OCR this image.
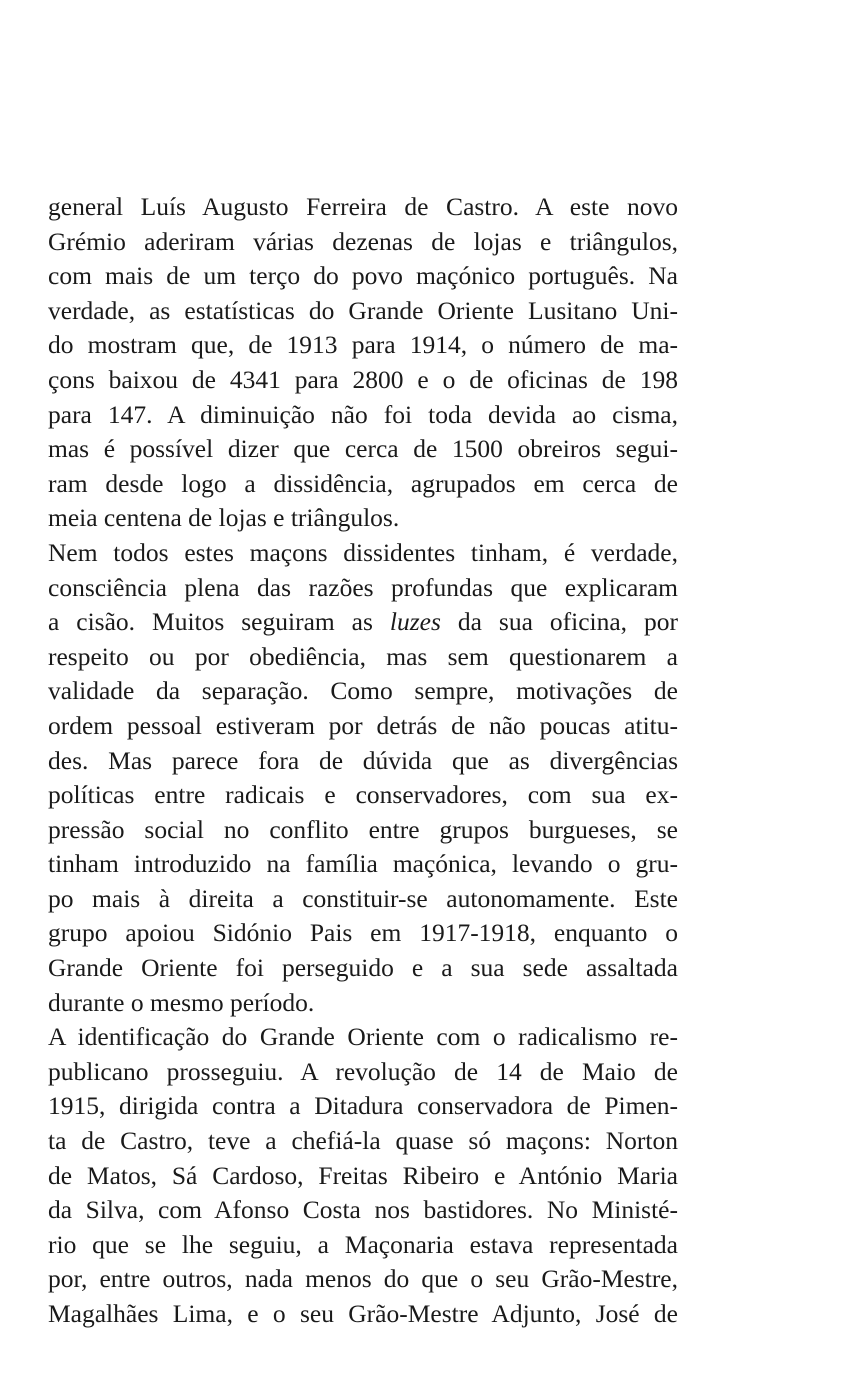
general Luís Augusto Ferreira de Castro. A este novo
Grémio aderiram várias dezenas de lojas e triângulos,
com mais de um terço do povo maçónico português. Na
verdade, as estatísticas do Grande Oriente Lusitano Uni-
do mostram que, de 1913 para 1914, o número de ma-
çons baixou de 4341 para 2800 e o de oficinas de 198
para 147. A diminuição não foi toda devida ao cisma,
mas é possível dizer que cerca de 1500 obreiros segui-
ram desde logo a dissidência, agrupados em cerca de
meia centena de lojas e triângulos.
Nem todos estes maçons dissidentes tinham, é verdade,
consciência plena das razões profundas que explicaram
a cisão. Muitos seguiram as luzes da sua oficina, por
respeito ou por obediência, mas sem questionarem a
validade da separação. Como sempre, motivações de
ordem pessoal estiveram por detrás de não poucas atitu-
des. Mas parece fora de dúvida que as divergências
políticas entre radicais e conservadores, com sua ex-
pressão social no conflito entre grupos burgueses, se
tinham introduzido na família maçónica, levando o gru-
po mais à direita a constituir-se autonomamente. Este
grupo apoiou Sidónio Pais em 1917-1918, enquanto o
Grande Oriente foi perseguido e a sua sede assaltada
durante o mesmo período.
A identificação do Grande Oriente com o radicalismo re-
publicano prosseguiu. A revolução de 14 de Maio de
1915, dirigida contra a Ditadura conservadora de Pimen-
ta de Castro, teve a chefiá-la quase só maçons: Norton
de Matos, Sá Cardoso, Freitas Ribeiro e António Maria
da Silva, com Afonso Costa nos bastidores. No Ministé-
rio que se lhe seguiu, a Maçonaria estava representada
por, entre outros, nada menos do que o seu Grão-Mestre,
Magalhães Lima, e o seu Grão-Mestre Adjunto, José de
